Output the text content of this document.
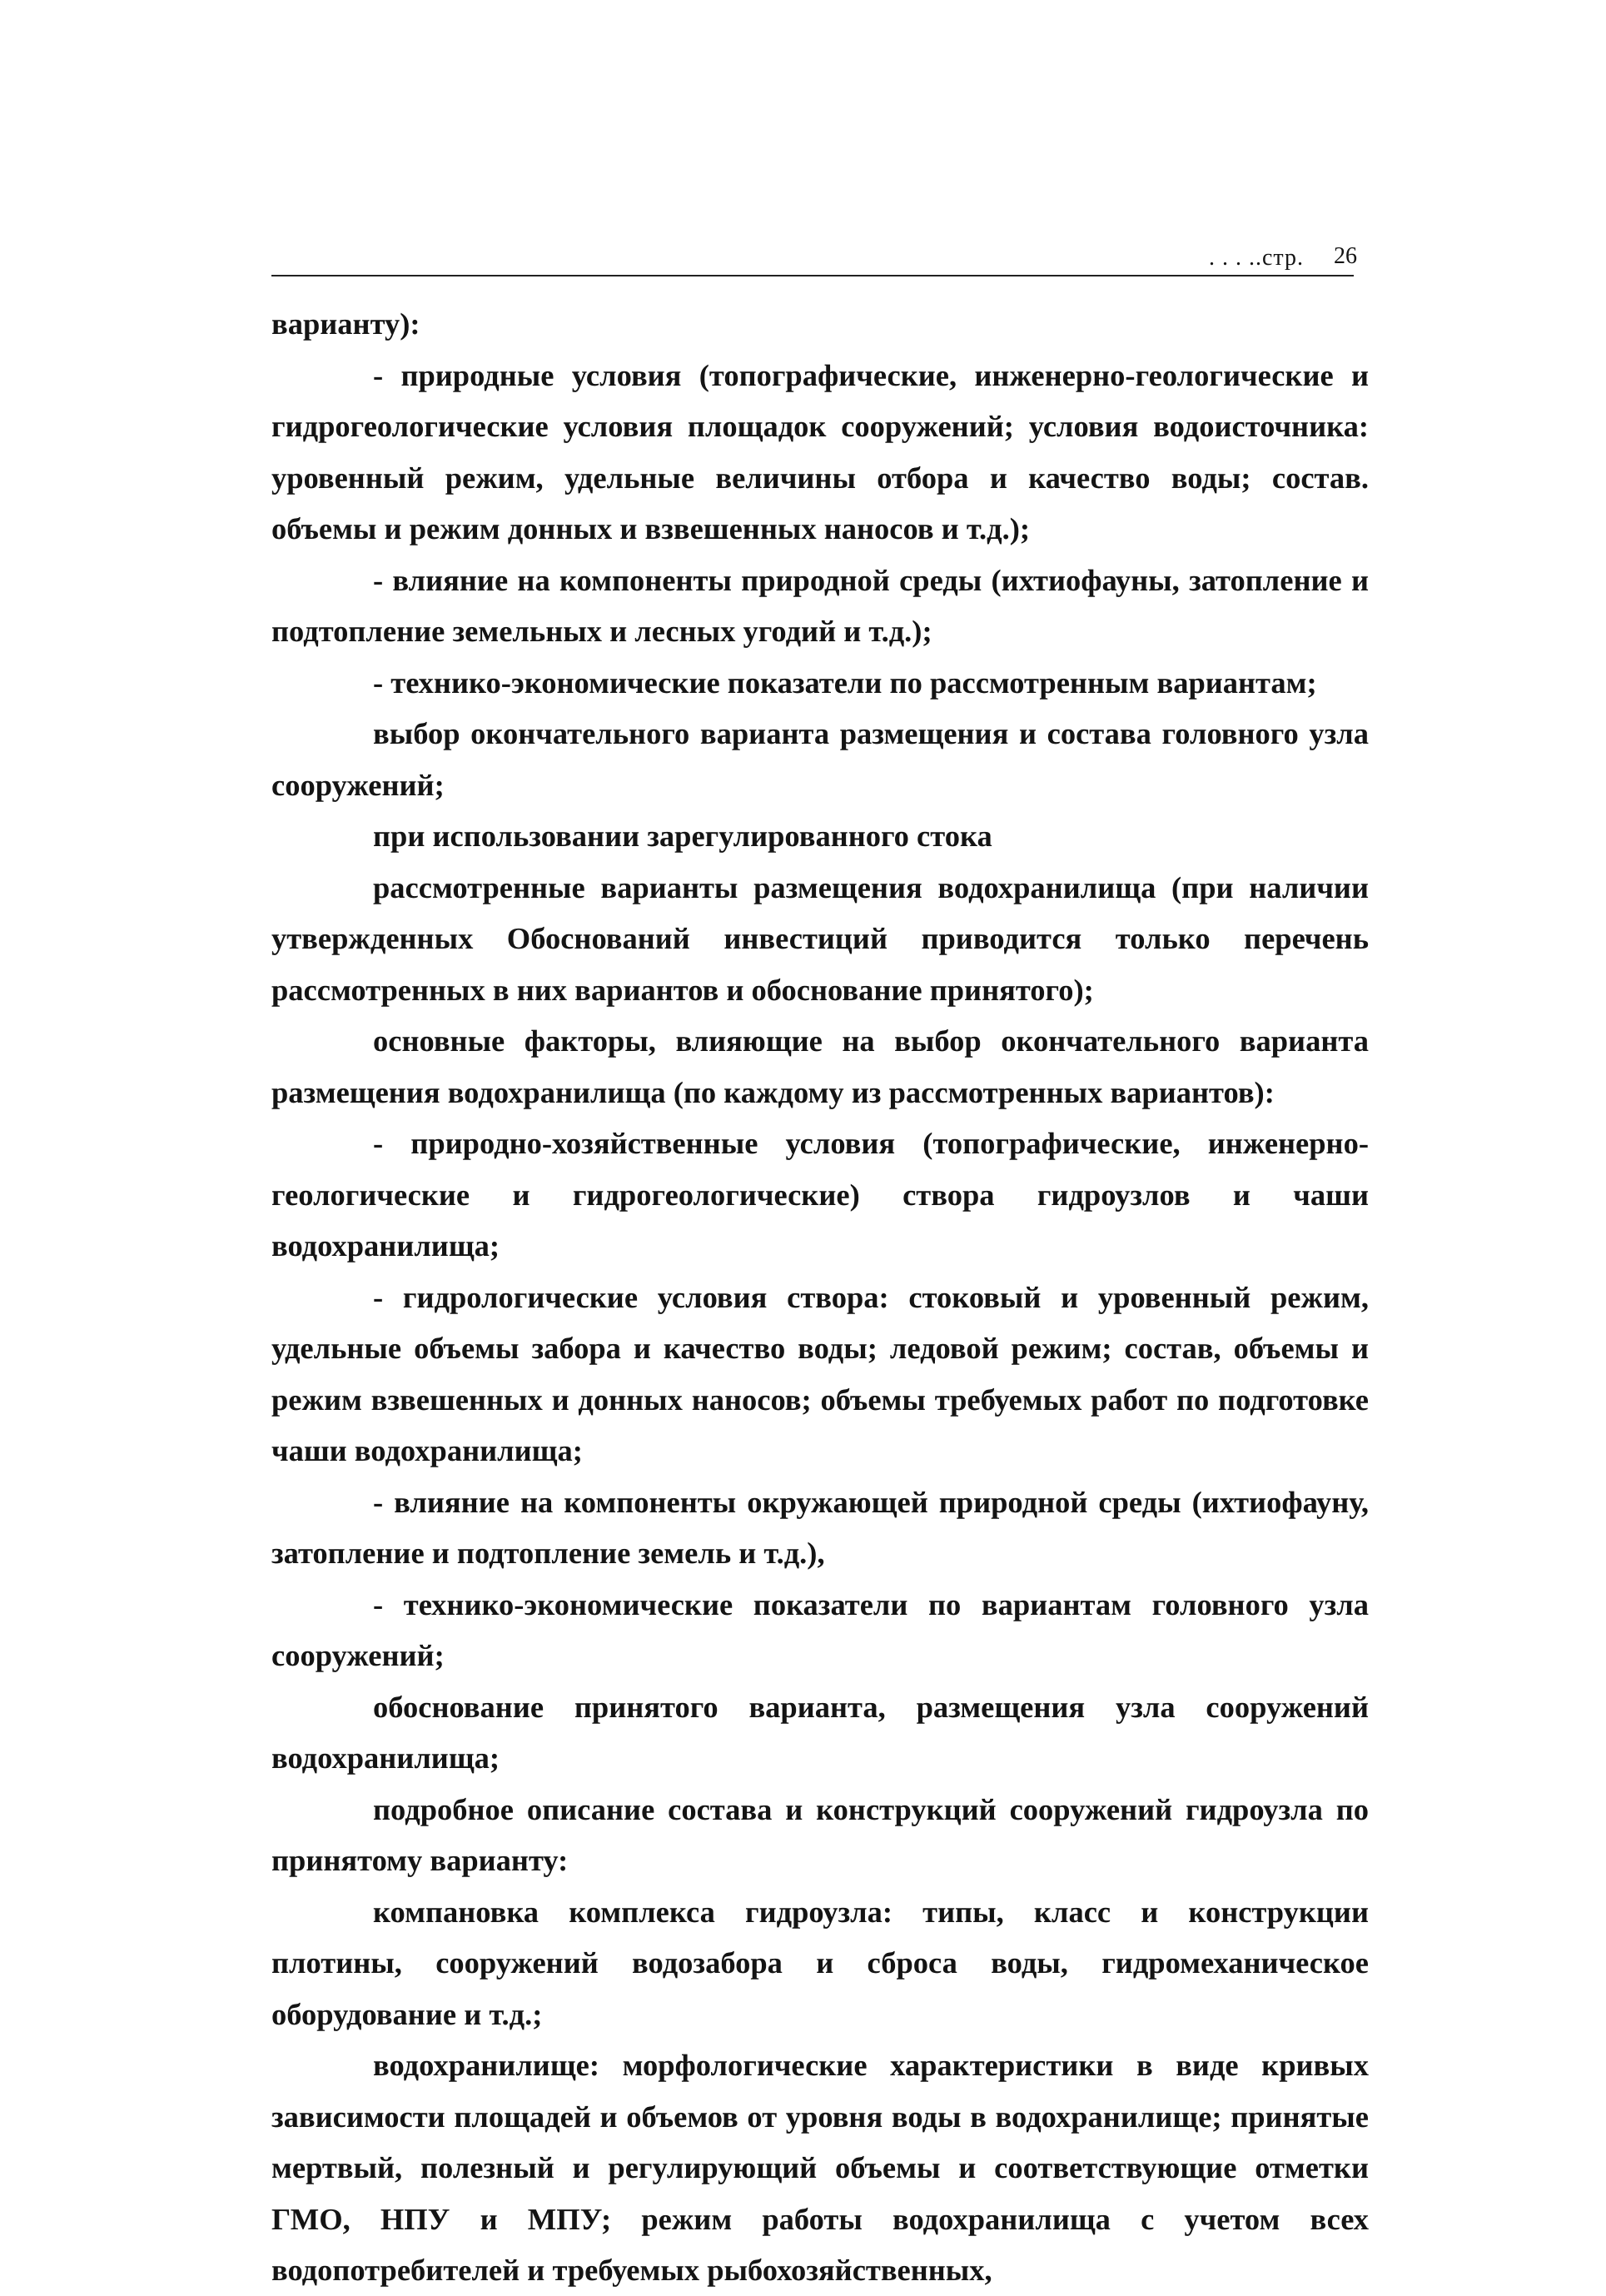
. . . ..стр. 26

варианту):

- природные условия (топографические, инженерно-геологические и гидрогеологические условия площадок сооружений; условия водоисточника: уровенный режим, удельные величины отбора и качество воды; состав. объемы и режим донных и взвешенных наносов и т.д.);

- влияние на компоненты природной среды (ихтиофауны, затопление и подтопление земельных и лесных угодий и т.д.);

- технико-экономические показатели по рассмотренным вариантам;

выбор окончательного варианта размещения и состава головного узла сооружений;

при использовании зарегулированного стока

рассмотренные варианты размещения водохранилища (при наличии утвержденных Обоснований инвестиций приводится только перечень рассмотренных в них вариантов и обоснование принятого);

основные факторы, влияющие на выбор окончательного варианта размещения водохранилища (по каждому из рассмотренных вариантов):

- природно-хозяйственные условия (топографические, инженерно-геологические и гидрогеологические) створа гидроузлов и чаши водохранилища;

- гидрологические условия створа: стоковый и уровенный режим, удельные объемы забора и качество воды; ледовой режим; состав, объемы и режим взвешенных и донных наносов; объемы требуемых работ по подготовке чаши водохранилища;

- влияние на компоненты окружающей природной среды (ихтиофауну, затопление и подтопление земель и т.д.),

- технико-экономические показатели по вариантам головного узла сооружений;

обоснование принятого варианта, размещения узла сооружений водохранилища;

подробное описание состава и конструкций сооружений гидроузла по принятому варианту:

компановка комплекса гидроузла: типы, класс и конструкции плотины, сооружений водозабора и сброса воды, гидромеханическое оборудование и т.д.;

водохранилище: морфологические характеристики в виде кривых зависимости площадей и объемов от уровня воды в водохранилище; принятые мертвый, полезный и регулирующий объемы и соответствующие отметки ГМО, НПУ и МПУ; режим работы водохранилища с учетом всех водопотребителей и требуемых рыбохозяйственных,
